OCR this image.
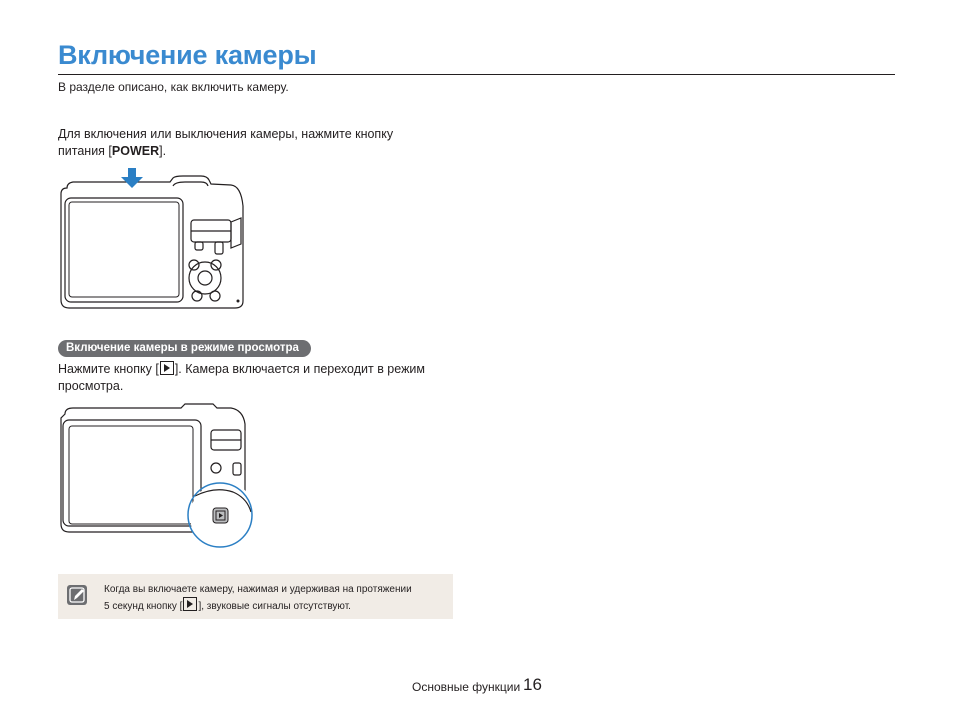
Включение камеры
В разделе описано, как включить камеру.
Для включения или выключения камеры, нажмите кнопку питания [POWER].
Включение камеры в режиме просмотра
Нажмите кнопку [ ]. Камера включается и переходит в режим просмотра.
Когда вы включаете камеру, нажимая и удерживая на протяжении
5 секунд кнопку [ ], звуковые сигналы отсутствуют.
Основные функции 16
